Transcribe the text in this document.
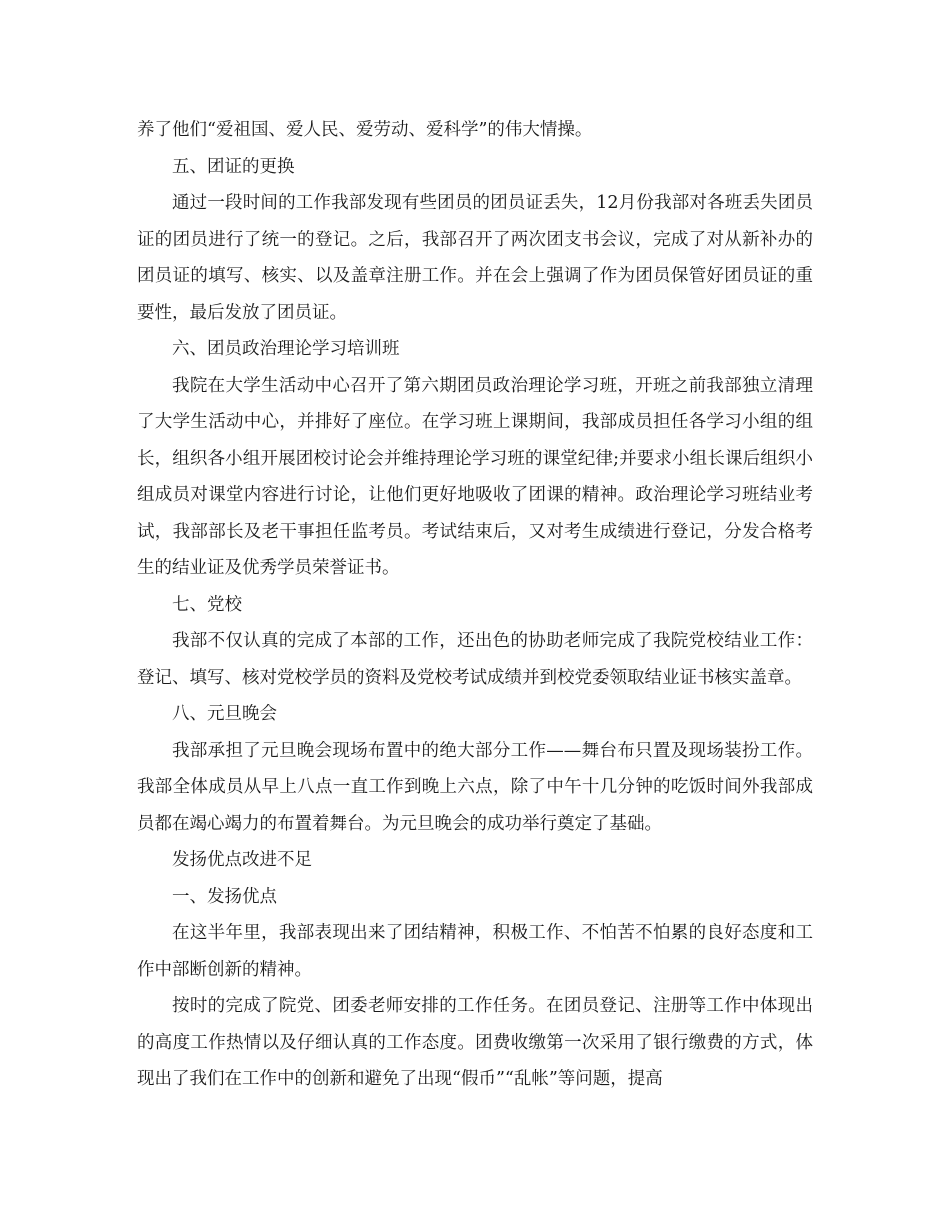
养了他们“爱祖国、爱人民、爱劳动、爱科学”的伟大情操。

五、团证的更换

通过一段时间的工作我部发现有些团员的团员证丢失，12月份我部对各班丢失团员证的团员进行了统一的登记。之后，我部召开了两次团支书会议，完成了对从新补办的团员证的填写、核实、以及盖章注册工作。并在会上强调了作为团员保管好团员证的重要性，最后发放了团员证。

六、团员政治理论学习培训班

我院在大学生活动中心召开了第六期团员政治理论学习班，开班之前我部独立清理了大学生活动中心，并排好了座位。在学习班上课期间，我部成员担任各学习小组的组长，组织各小组开展团校讨论会并维持理论学习班的课堂纪律;并要求小组长课后组织小组成员对课堂内容进行讨论，让他们更好地吸收了团课的精神。政治理论学习班结业考试，我部部长及老干事担任监考员。考试结束后，又对考生成绩进行登记，分发合格考生的结业证及优秀学员荣誉证书。

七、党校

我部不仅认真的完成了本部的工作，还出色的协助老师完成了我院党校结业工作：登记、填写、核对党校学员的资料及党校考试成绩并到校党委领取结业证书核实盖章。

八、元旦晚会

我部承担了元旦晚会现场布置中的绝大部分工作——舞台布只置及现场装扮工作。我部全体成员从早上八点一直工作到晚上六点，除了中午十几分钟的吃饭时间外我部成员都在竭心竭力的布置着舞台。为元旦晚会的成功举行奠定了基础。

发扬优点改进不足

一、发扬优点

在这半年里，我部表现出来了团结精神，积极工作、不怕苦不怕累的良好态度和工作中部断创新的精神。

按时的完成了院党、团委老师安排的工作任务。在团员登记、注册等工作中体现出的高度工作热情以及仔细认真的工作态度。团费收缴第一次采用了银行缴费的方式，体现出了我们在工作中的创新和避免了出现“假币”“乱帐”等问题，提高
